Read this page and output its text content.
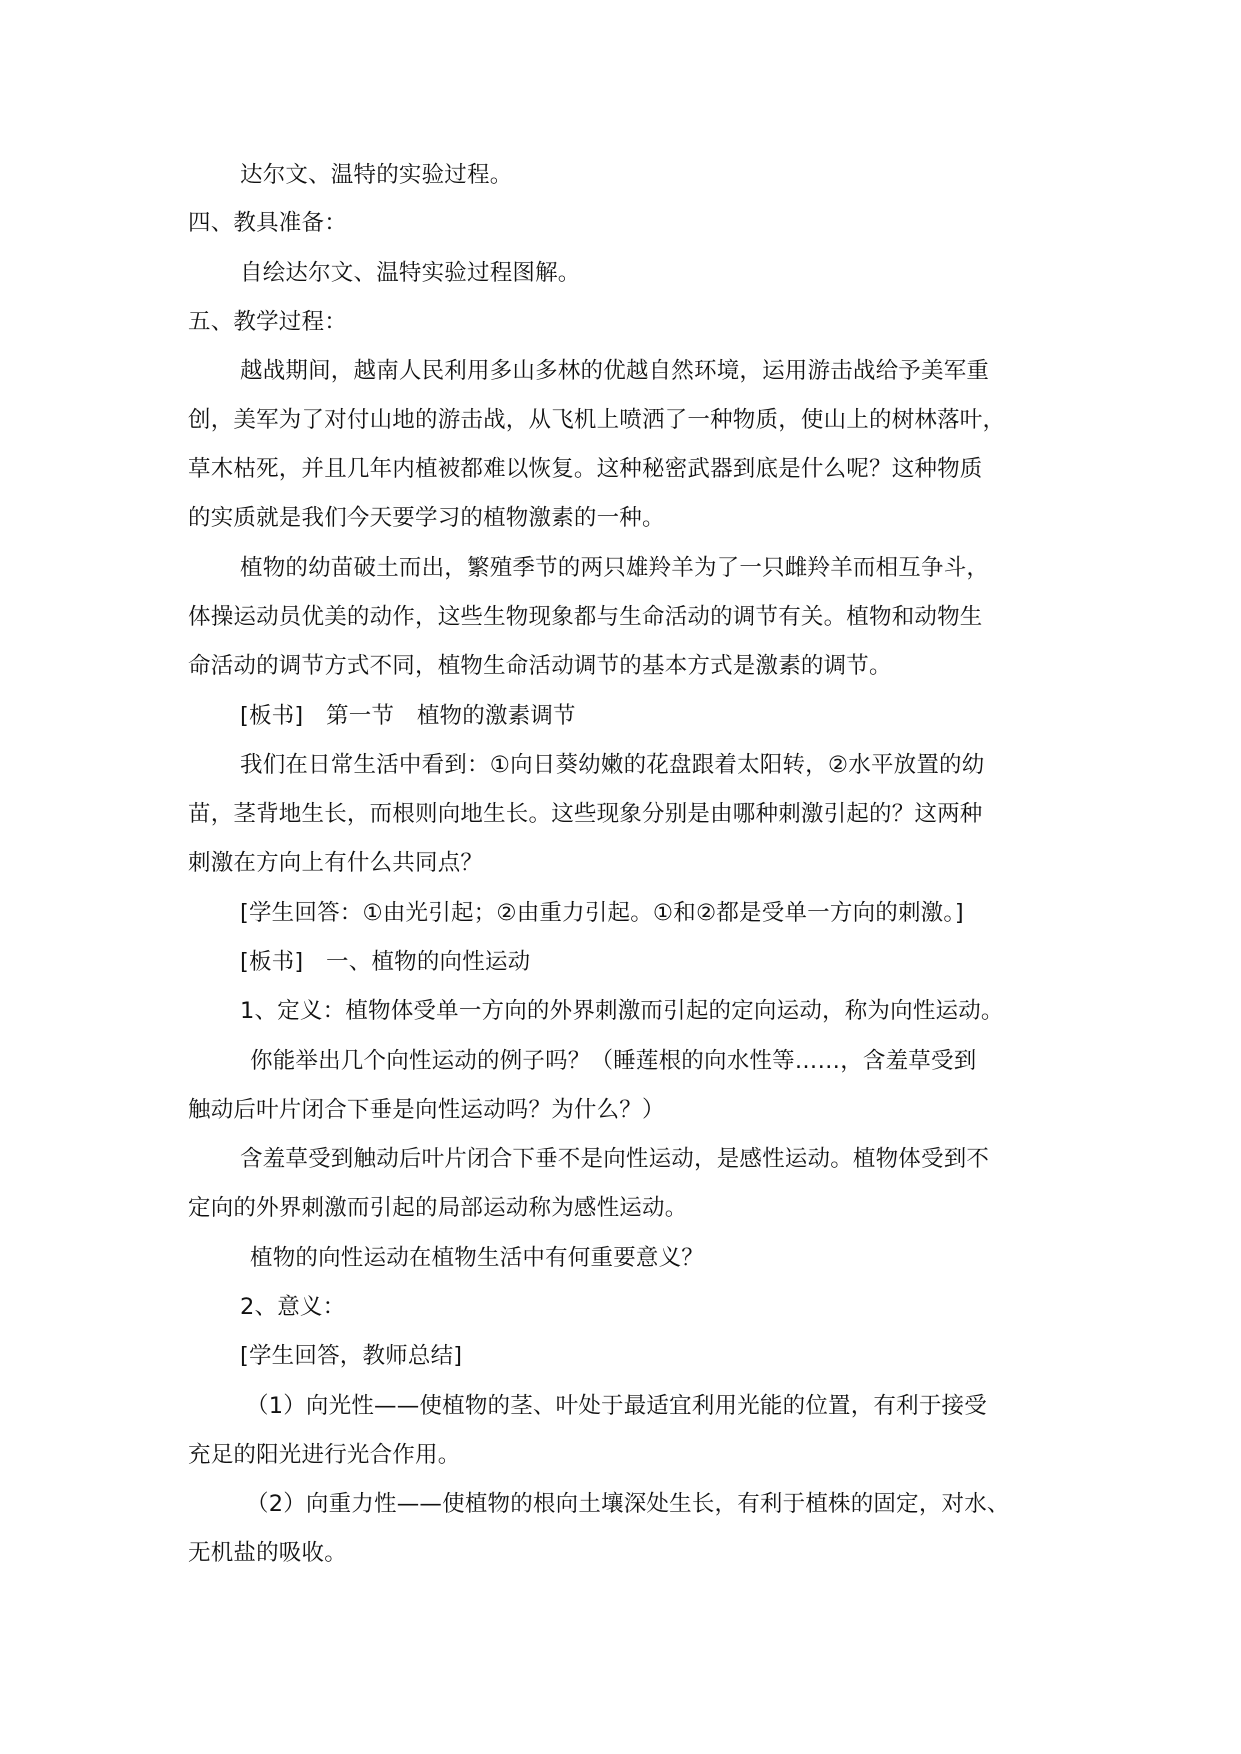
达尔文、温特的实验过程。
四、教具准备：
自绘达尔文、温特实验过程图解。
五、教学过程：
越战期间，越南人民利用多山多林的优越自然环境，运用游击战给予美军重
创，美军为了对付山地的游击战，从飞机上喷洒了一种物质，使山上的树林落叶，
草木枯死，并且几年内植被都难以恢复。这种秘密武器到底是什么呢？这种物质
的实质就是我们今天要学习的植物激素的一种。
植物的幼苗破土而出，繁殖季节的两只雄羚羊为了一只雌羚羊而相互争斗，
体操运动员优美的动作，这些生物现象都与生命活动的调节有关。植物和动物生
命活动的调节方式不同，植物生命活动调节的基本方式是激素的调节。
[板书]　第一节　植物的激素调节
我们在日常生活中看到：①向日葵幼嫩的花盘跟着太阳转，②水平放置的幼
苗，茎背地生长，而根则向地生长。这些现象分别是由哪种刺激引起的？这两种
刺激在方向上有什么共同点？
[学生回答：①由光引起；②由重力引起。①和②都是受单一方向的刺激。]
[板书]　一、植物的向性运动
1、定义：植物体受单一方向的外界刺激而引起的定向运动，称为向性运动。
你能举出几个向性运动的例子吗？（睡莲根的向水性等……，含羞草受到
触动后叶片闭合下垂是向性运动吗？为什么？）
含羞草受到触动后叶片闭合下垂不是向性运动，是感性运动。植物体受到不
定向的外界刺激而引起的局部运动称为感性运动。
植物的向性运动在植物生活中有何重要意义？
2、意义：
[学生回答，教师总结]
（1）向光性——使植物的茎、叶处于最适宜利用光能的位置，有利于接受
充足的阳光进行光合作用。
（2）向重力性——使植物的根向土壤深处生长，有利于植株的固定，对水、
无机盐的吸收。
